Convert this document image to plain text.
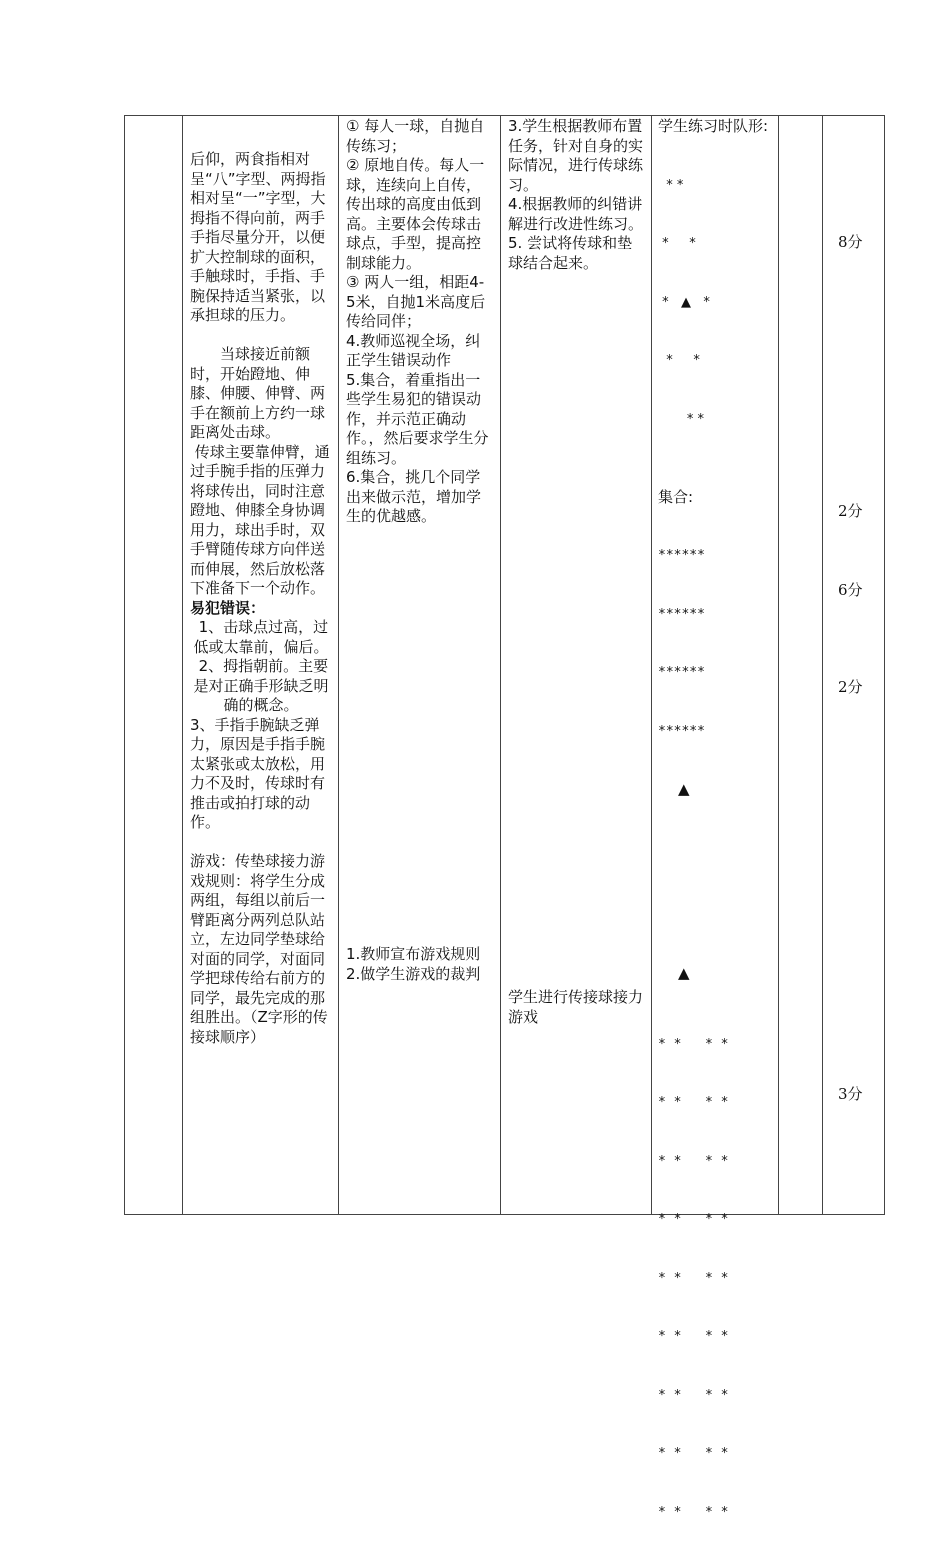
后仰，两食指相对呈“八”字型、两拇指相对呈“一”字型，大拇指不得向前，两手手指尽量分开，以便扩大控制球的面积，手触球时，手指、手腕保持适当紧张，以承担球的压力。

　　当球接近前额时，开始蹬地、伸膝、伸腰、伸臂、两手在额前上方约一球距离处击球。

传球主要靠伸臂，通过手腕手指的压弹力将球传出，同时注意蹬地、伸膝全身协调用力，球出手时，双手臂随传球方向伴送而伸展，然后放松落下准备下一个动作。

易犯错误：

1、击球点过高，过低或太靠前，偏后。

2、拇指朝前。主要是对正确手形缺乏明确的概念。

3、手指手腕缺乏弹力，原因是手指手腕太紧张或太放松，用力不及时，传球时有推击或拍打球的动作。

游戏：传垫球接力游戏规则：将学生分成两组，每组以前后一臂距离分两列总队站立，左边同学垫球给对面的同学，对面同学把球传给右前方的同学，最先完成的那组胜出。（Z字形的传接球顺序）

① 每人一球，自抛自传练习；

② 原地自传。每人一球，连续向上自传，传出球的高度由低到高。主要体会传球击球点，手型，提高控制球能力。

③ 两人一组，相距4-5米，自抛1米高度后传给同伴；

4.教师巡视全场，纠正学生错误动作

5.集合，着重指出一些学生易犯的错误动作，并示范正确动作。，然后要求学生分组练习。

6.集合，挑几个同学出来做示范，增加学生的优越感。

1.教师宣布游戏规则

2.做学生游戏的裁判

3.学生根据教师布置任务，针对自身的实际情况，进行传球练习。

4.根据教师的纠错讲解进行改进性练习。

5. 尝试将传球和垫球结合起来。

学生进行传接球接力游戏

学生练习时队形:

* *

*     *

*   ▲   *

*     *

* *

集合:

******

******

******

******

▲
▲

* *   * *

* *   * *

* *   * *

* *   * *

* *   * *

* *   * *

* *   * *

* *   * *

* *   * *

8分
2分
6分
2分
3分
